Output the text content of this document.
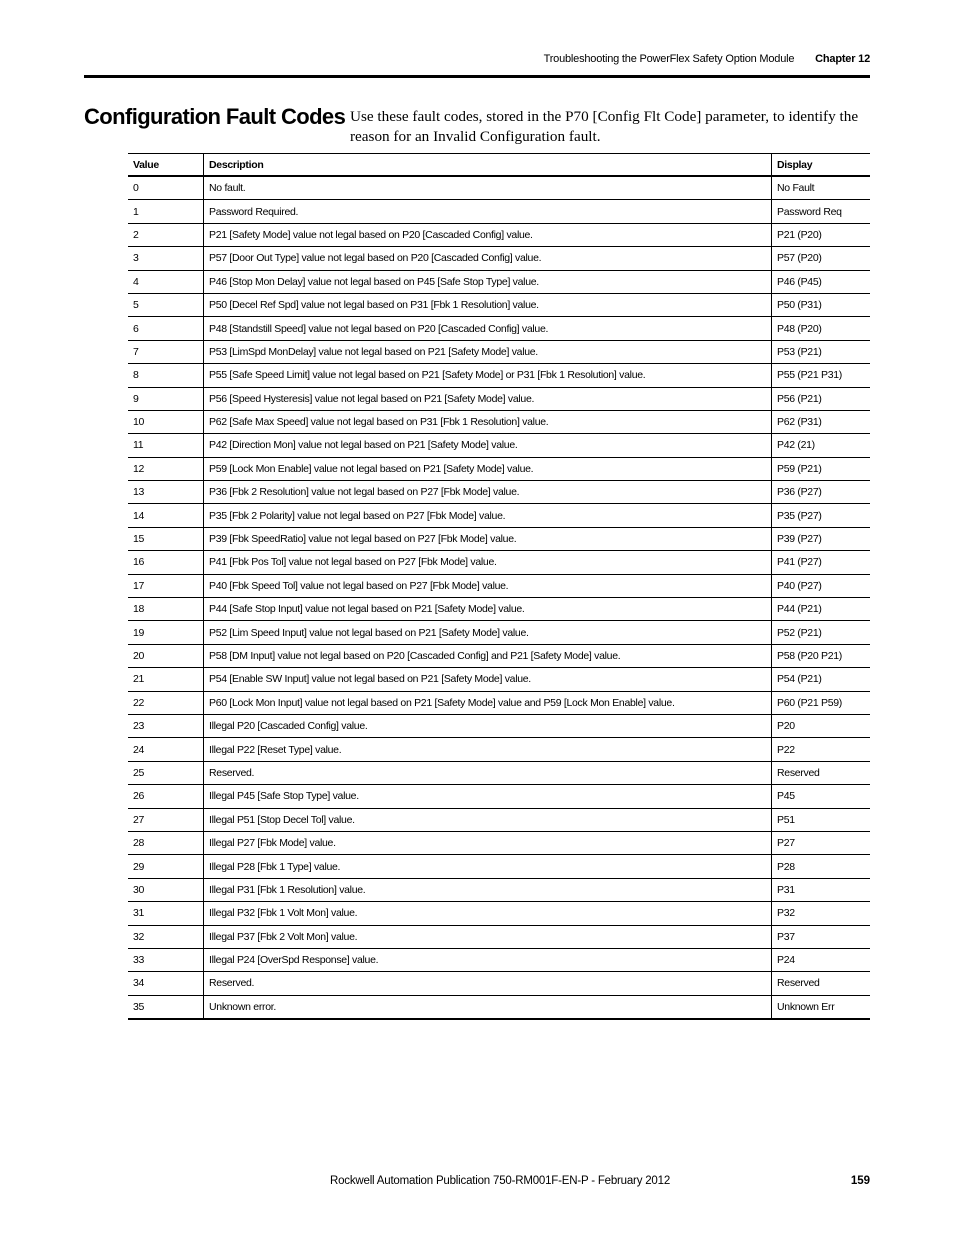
Troubleshooting the PowerFlex Safety Option Module Chapter 12
Configuration Fault Codes Use these fault codes, stored in the P70 [Config Flt Code] parameter, to identify the reason for an Invalid Configuration fault.

Value	Description	Display
0	No fault.	No Fault
1	Password Required.	Password Req
2	P21 [Safety Mode] value not legal based on P20 [Cascaded Config] value.	P21 (P20)
3	P57 [Door Out Type] value not legal based on P20 [Cascaded Config] value.	P57 (P20)
4	P46 [Stop Mon Delay] value not legal based on P45 [Safe Stop Type] value.	P46 (P45)
5	P50 [Decel Ref Spd] value not legal based on P31 [Fbk 1 Resolution] value.	P50 (P31)
6	P48 [Standstill Speed] value not legal based on P20 [Cascaded Config] value.	P48 (P20)
7	P53 [LimSpd MonDelay] value not legal based on P21 [Safety Mode] value.	P53 (P21)
8	P55 [Safe Speed Limit] value not legal based on P21 [Safety Mode] or P31 [Fbk 1 Resolution] value.	P55 (P21 P31)
9	P56 [Speed Hysteresis] value not legal based on P21 [Safety Mode] value.	P56 (P21)
10	P62 [Safe Max Speed] value not legal based on P31 [Fbk 1 Resolution] value.	P62 (P31)
11	P42 [Direction Mon] value not legal based on P21 [Safety Mode] value.	P42 (21)
12	P59 [Lock Mon Enable] value not legal based on P21 [Safety Mode] value.	P59 (P21)
13	P36 [Fbk 2 Resolution] value not legal based on P27 [Fbk Mode] value.	P36 (P27)
14	P35 [Fbk 2 Polarity] value not legal based on P27 [Fbk Mode] value.	P35 (P27)
15	P39 [Fbk SpeedRatio] value not legal based on P27 [Fbk Mode] value.	P39 (P27)
16	P41 [Fbk Pos Tol] value not legal based on P27 [Fbk Mode] value.	P41 (P27)
17	P40 [Fbk Speed Tol] value not legal based on P27 [Fbk Mode] value.	P40 (P27)
18	P44 [Safe Stop Input] value not legal based on P21 [Safety Mode] value.	P44 (P21)
19	P52 [Lim Speed Input] value not legal based on P21 [Safety Mode] value.	P52 (P21)
20	P58 [DM Input] value not legal based on P20 [Cascaded Config] and P21 [Safety Mode] value.	P58 (P20 P21)
21	P54 [Enable SW Input] value not legal based on P21 [Safety Mode] value.	P54 (P21)
22	P60 [Lock Mon Input] value not legal based on P21 [Safety Mode] value and P59 [Lock Mon Enable] value.	P60 (P21 P59)
23	Illegal P20 [Cascaded Config] value.	P20
24	Illegal P22 [Reset Type] value.	P22
25	Reserved.	Reserved
26	Illegal P45 [Safe Stop Type] value.	P45
27	Illegal P51 [Stop Decel Tol] value.	P51
28	Illegal P27 [Fbk Mode] value.	P27
29	Illegal P28 [Fbk 1 Type] value.	P28
30	Illegal P31 [Fbk 1 Resolution] value.	P31
31	Illegal P32 [Fbk 1 Volt Mon] value.	P32
32	Illegal P37 [Fbk 2 Volt Mon] value.	P37
33	Illegal P24 [OverSpd Response] value.	P24
34	Reserved.	Reserved
35	Unknown error.	Unknown Err
Rockwell Automation Publication 750-RM001F-EN-P - February 2012	159
